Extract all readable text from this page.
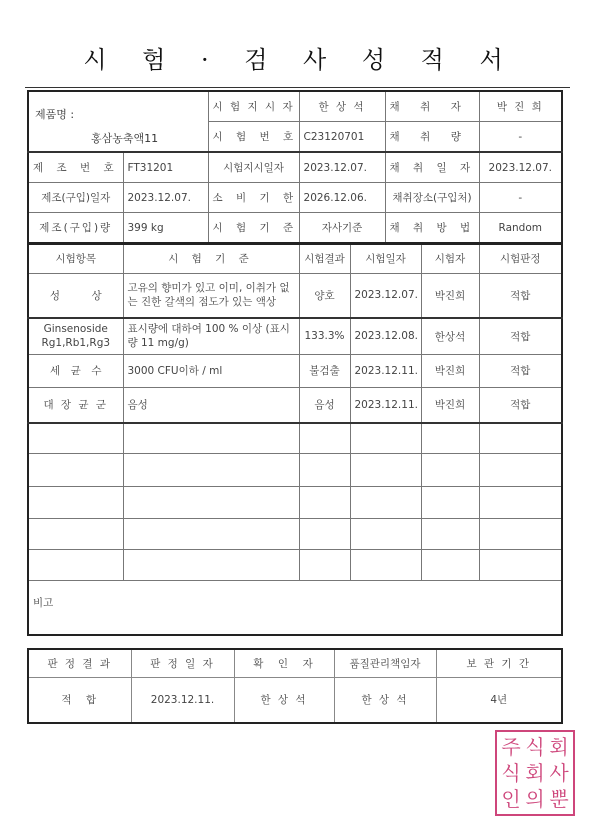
시 험 · 검 사 성 적 서
제품명 :
홍삼농축액11		시 험 지 시 자	한 상 석	채　취　자	박 진 희
		시 험 번 호	C23120701	채　취　량	-
제 조 번 호	FT31201	시험지시일자	2023.12.07.	채 취 일 자	2023.12.07.
제조(구입)일자	2023.12.07.	소 비 기 한	2026.12.06.	채취장소(구입처)	-
제조(구입)량	399 kg	시 험 기 준	자사기준	채 취 방 법	Random
시험항목	시 험 기 준	시험결과	시험일자	시험자	시험판정
성　　　상	고유의 향미가 있고 이미, 이취가 없는 진한 갈색의 점도가 있는 액상	양호	2023.12.07.	박진희	적합
Ginsenoside Rg1,Rb1,Rg3	표시량에 대하여 100 % 이상 (표시량 11 mg/g)	133.3%	2023.12.08.	한상석	적합
세　균　수	3000 CFU이하 / ml	불검출	2023.12.11.	박진희	적합
대 장 균 군	음성	음성	2023.12.11.	박진희	적합

비고					
판 정 결 과	판 정 일 자	확　인　자	품질관리책임자	보 관 기 간
적　합	2023.12.11.	한 상 석	한 상 석	4년
주 식 회
식 회 사
인 의 뿐
